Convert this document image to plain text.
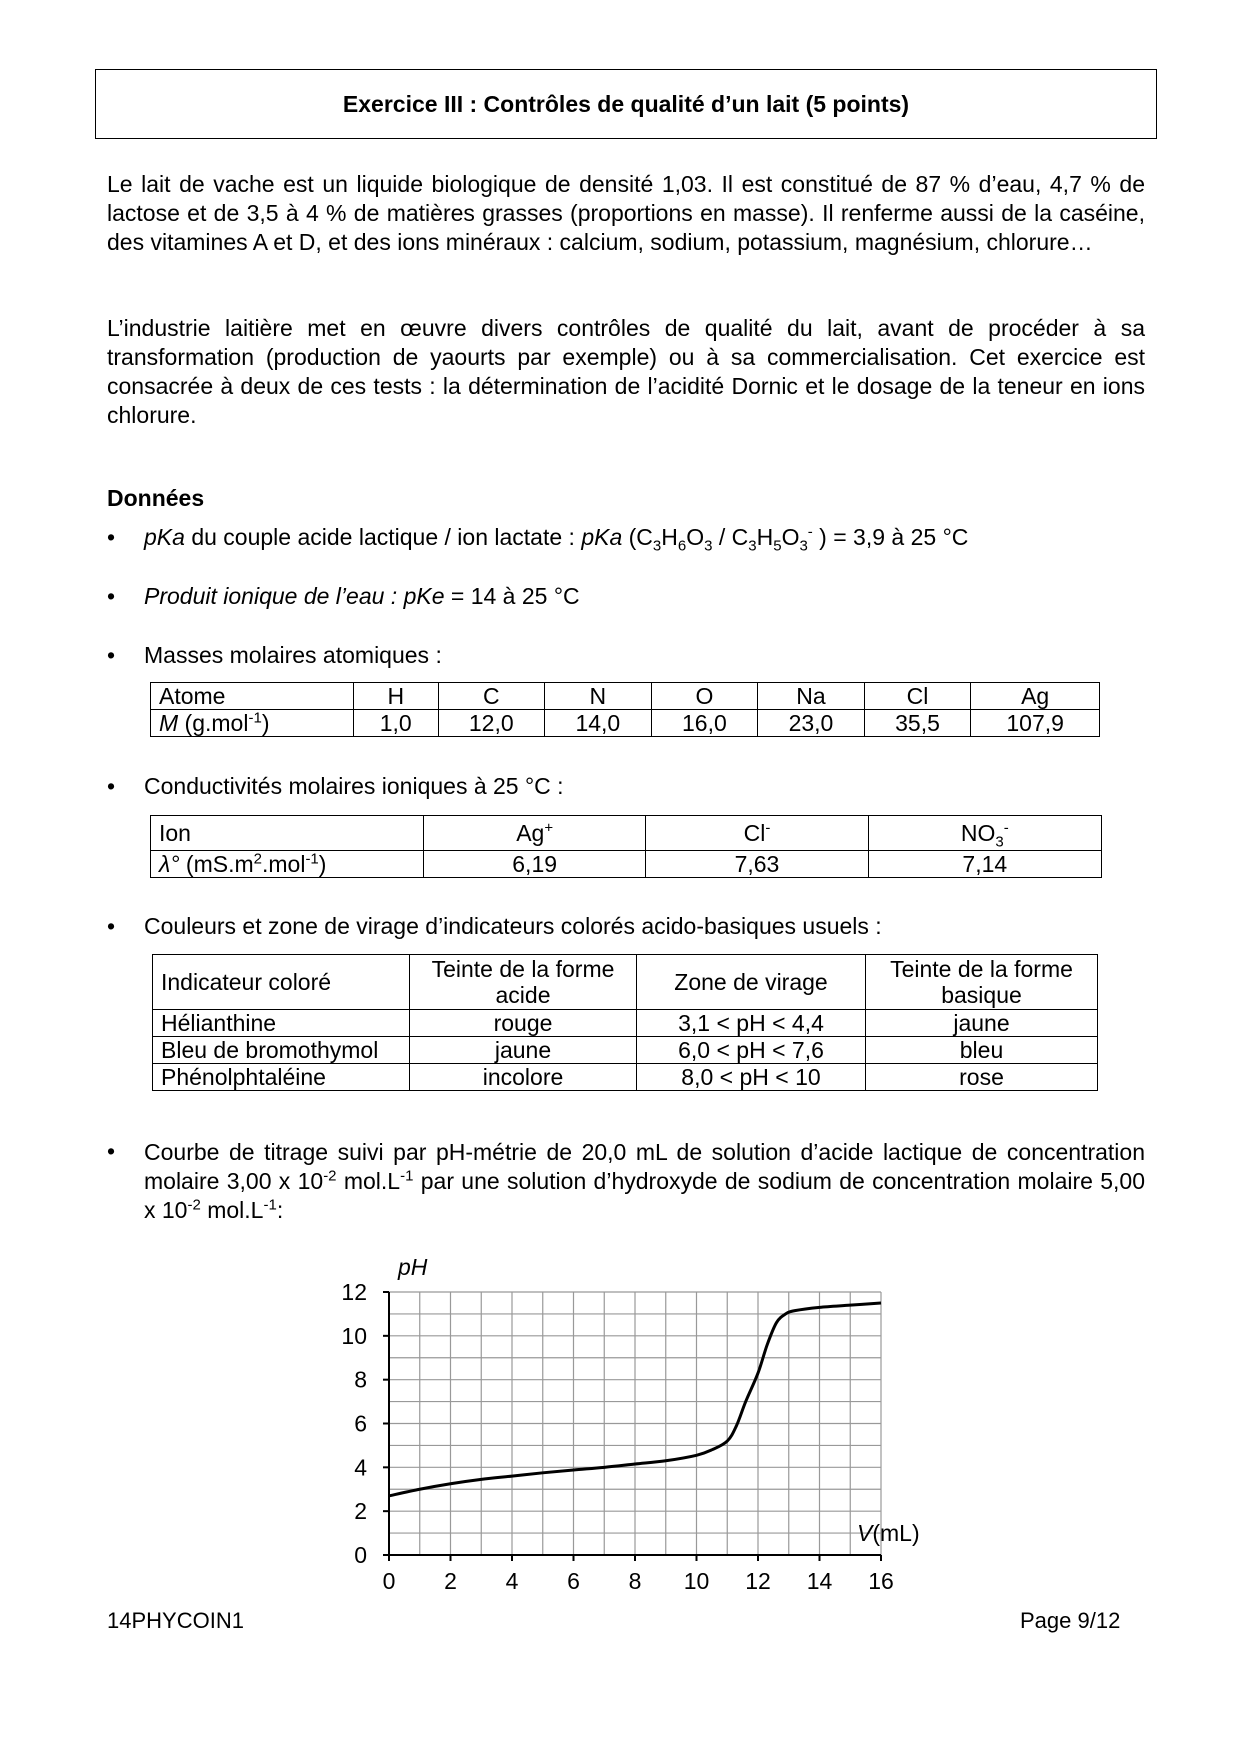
Exercice III : Contrôles de qualité d’un lait (5 points)

Le lait de vache est un liquide biologique de densité 1,03. Il est constitué de 87 % d’eau, 4,7 % de lactose et de 3,5 à 4 % de matières grasses (proportions en masse). Il renferme aussi de la caséine, des vitamines A et D, et des ions minéraux : calcium, sodium, potassium, magnésium, chlorure…

L’industrie laitière met en œuvre divers contrôles de qualité du lait, avant de procéder à sa transformation (production de yaourts par exemple) ou à sa commercialisation. Cet exercice est consacrée à deux de ces tests : la détermination de l’acidité Dornic et le dosage de la teneur en ions chlorure.

Données

• pKa du couple acide lactique / ion lactate : pKa ($C_3H_6O_3 / C_3H_5O_3^-$ ) = 3,9 à 25 °C
• Produit ionique de l’eau : pKe = 14 à 25 °C
• Masses molaires atomiques :
Atome	H	C	N	O	Na	Cl	Ag
M (g.mol$^{-1}$)	1,0	12,0	14,0	16,0	23,0	35,5	107,9
• Conductivités molaires ioniques à 25 °C :
Ion	Ag+	Cl-	$NO_3^-$
λ° $(mS.m^2.mol^{-1})$	6,19	7,63	7,14
• Couleurs et zone de virage d’indicateurs colorés acido-basiques usuels :
Indicateur coloré	Teinte de la forme acide	Zone de virage	Teinte de la forme basique
Hélianthine	rouge	3,1 < pH < 4,4	jaune
Bleu de bromothymol	jaune	6,0 < pH < 7,6	bleu
Phénolphtaléine	incolore	8,0 < pH < 10	rose
• Courbe de titrage suivi par pH-métrie de 20,0 mL de solution d’acide lactique de concentration molaire 3,00 x $10^{-2}$ $mol.L^{-1}$ par une solution d’hydroxyde de sodium de concentration molaire 5,00 x $10^{-2}$ $mol.L^{-1}$:

0 2 4 6 8 10 12 14 16
0
2
4
6
8
10
12
pH
V(mL)
14PHYCOIN1	Page 9/12
